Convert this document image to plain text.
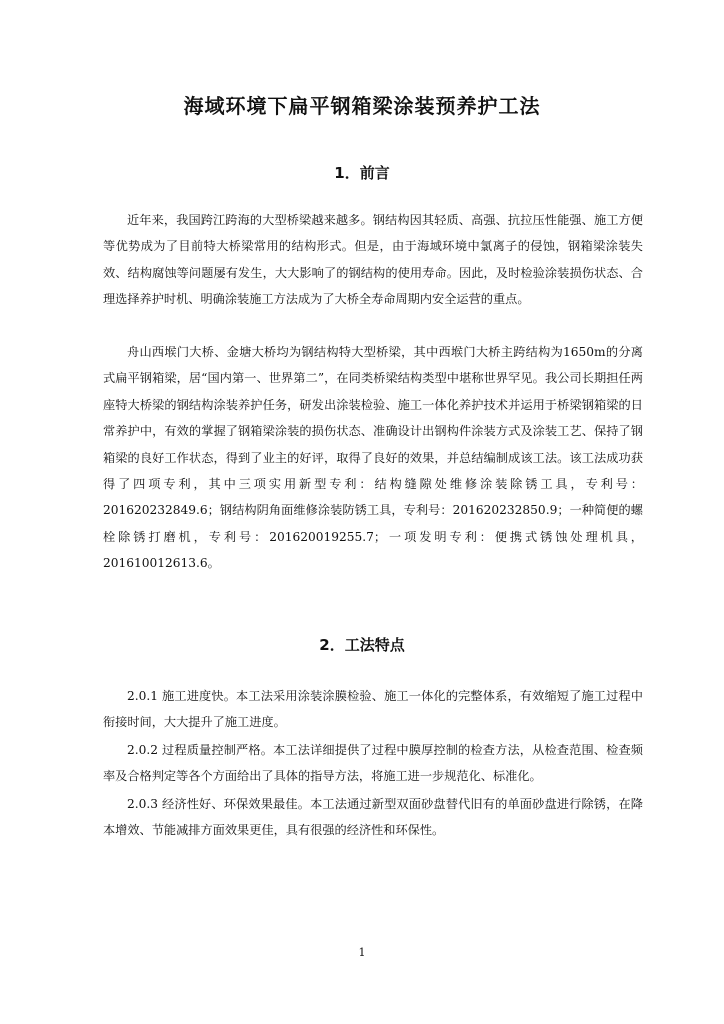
海域环境下扁平钢箱梁涂装预养护工法
1．前言

近年来，我国跨江跨海的大型桥梁越来越多。钢结构因其轻质、高强、抗拉压性能强、施工方便等优势成为了目前特大桥梁常用的结构形式。但是，由于海域环境中氯离子的侵蚀，钢箱梁涂装失效、结构腐蚀等问题屡有发生，大大影响了的钢结构的使用寿命。因此，及时检验涂装损伤状态、合理选择养护时机、明确涂装施工方法成为了大桥全寿命周期内安全运营的重点。

舟山西堠门大桥、金塘大桥均为钢结构特大型桥梁，其中西堠门大桥主跨结构为1650m的分离式扁平钢箱梁，居“国内第一、世界第二”，在同类桥梁结构类型中堪称世界罕见。我公司长期担任两座特大桥梁的钢结构涂装养护任务，研发出涂装检验、施工一体化养护技术并运用于桥梁钢箱梁的日常养护中，有效的掌握了钢箱梁涂装的损伤状态、准确设计出钢构件涂装方式及涂装工艺、保持了钢箱梁的良好工作状态，得到了业主的好评，取得了良好的效果，并总结编制成该工法。该工法成功获得了四项专利，其中三项实用新型专利：结构缝隙处维修涂装除锈工具，专利号：201620232849.6；钢结构阴角面维修涂装防锈工具，专利号：201620232850.9；一种简便的螺栓除锈打磨机，专利号：201620019255.7；一项发明专利：便携式锈蚀处理机具，201610012613.6。

2．工法特点

2.0.1 施工进度快。本工法采用涂装涂膜检验、施工一体化的完整体系，有效缩短了施工过程中衔接时间，大大提升了施工进度。

2.0.2 过程质量控制严格。本工法详细提供了过程中膜厚控制的检查方法，从检查范围、检查频率及合格判定等各个方面给出了具体的指导方法，将施工进一步规范化、标准化。

2.0.3 经济性好、环保效果最佳。本工法通过新型双面砂盘替代旧有的单面砂盘进行除锈，在降本增效、节能减排方面效果更佳，具有很强的经济性和环保性。

1
